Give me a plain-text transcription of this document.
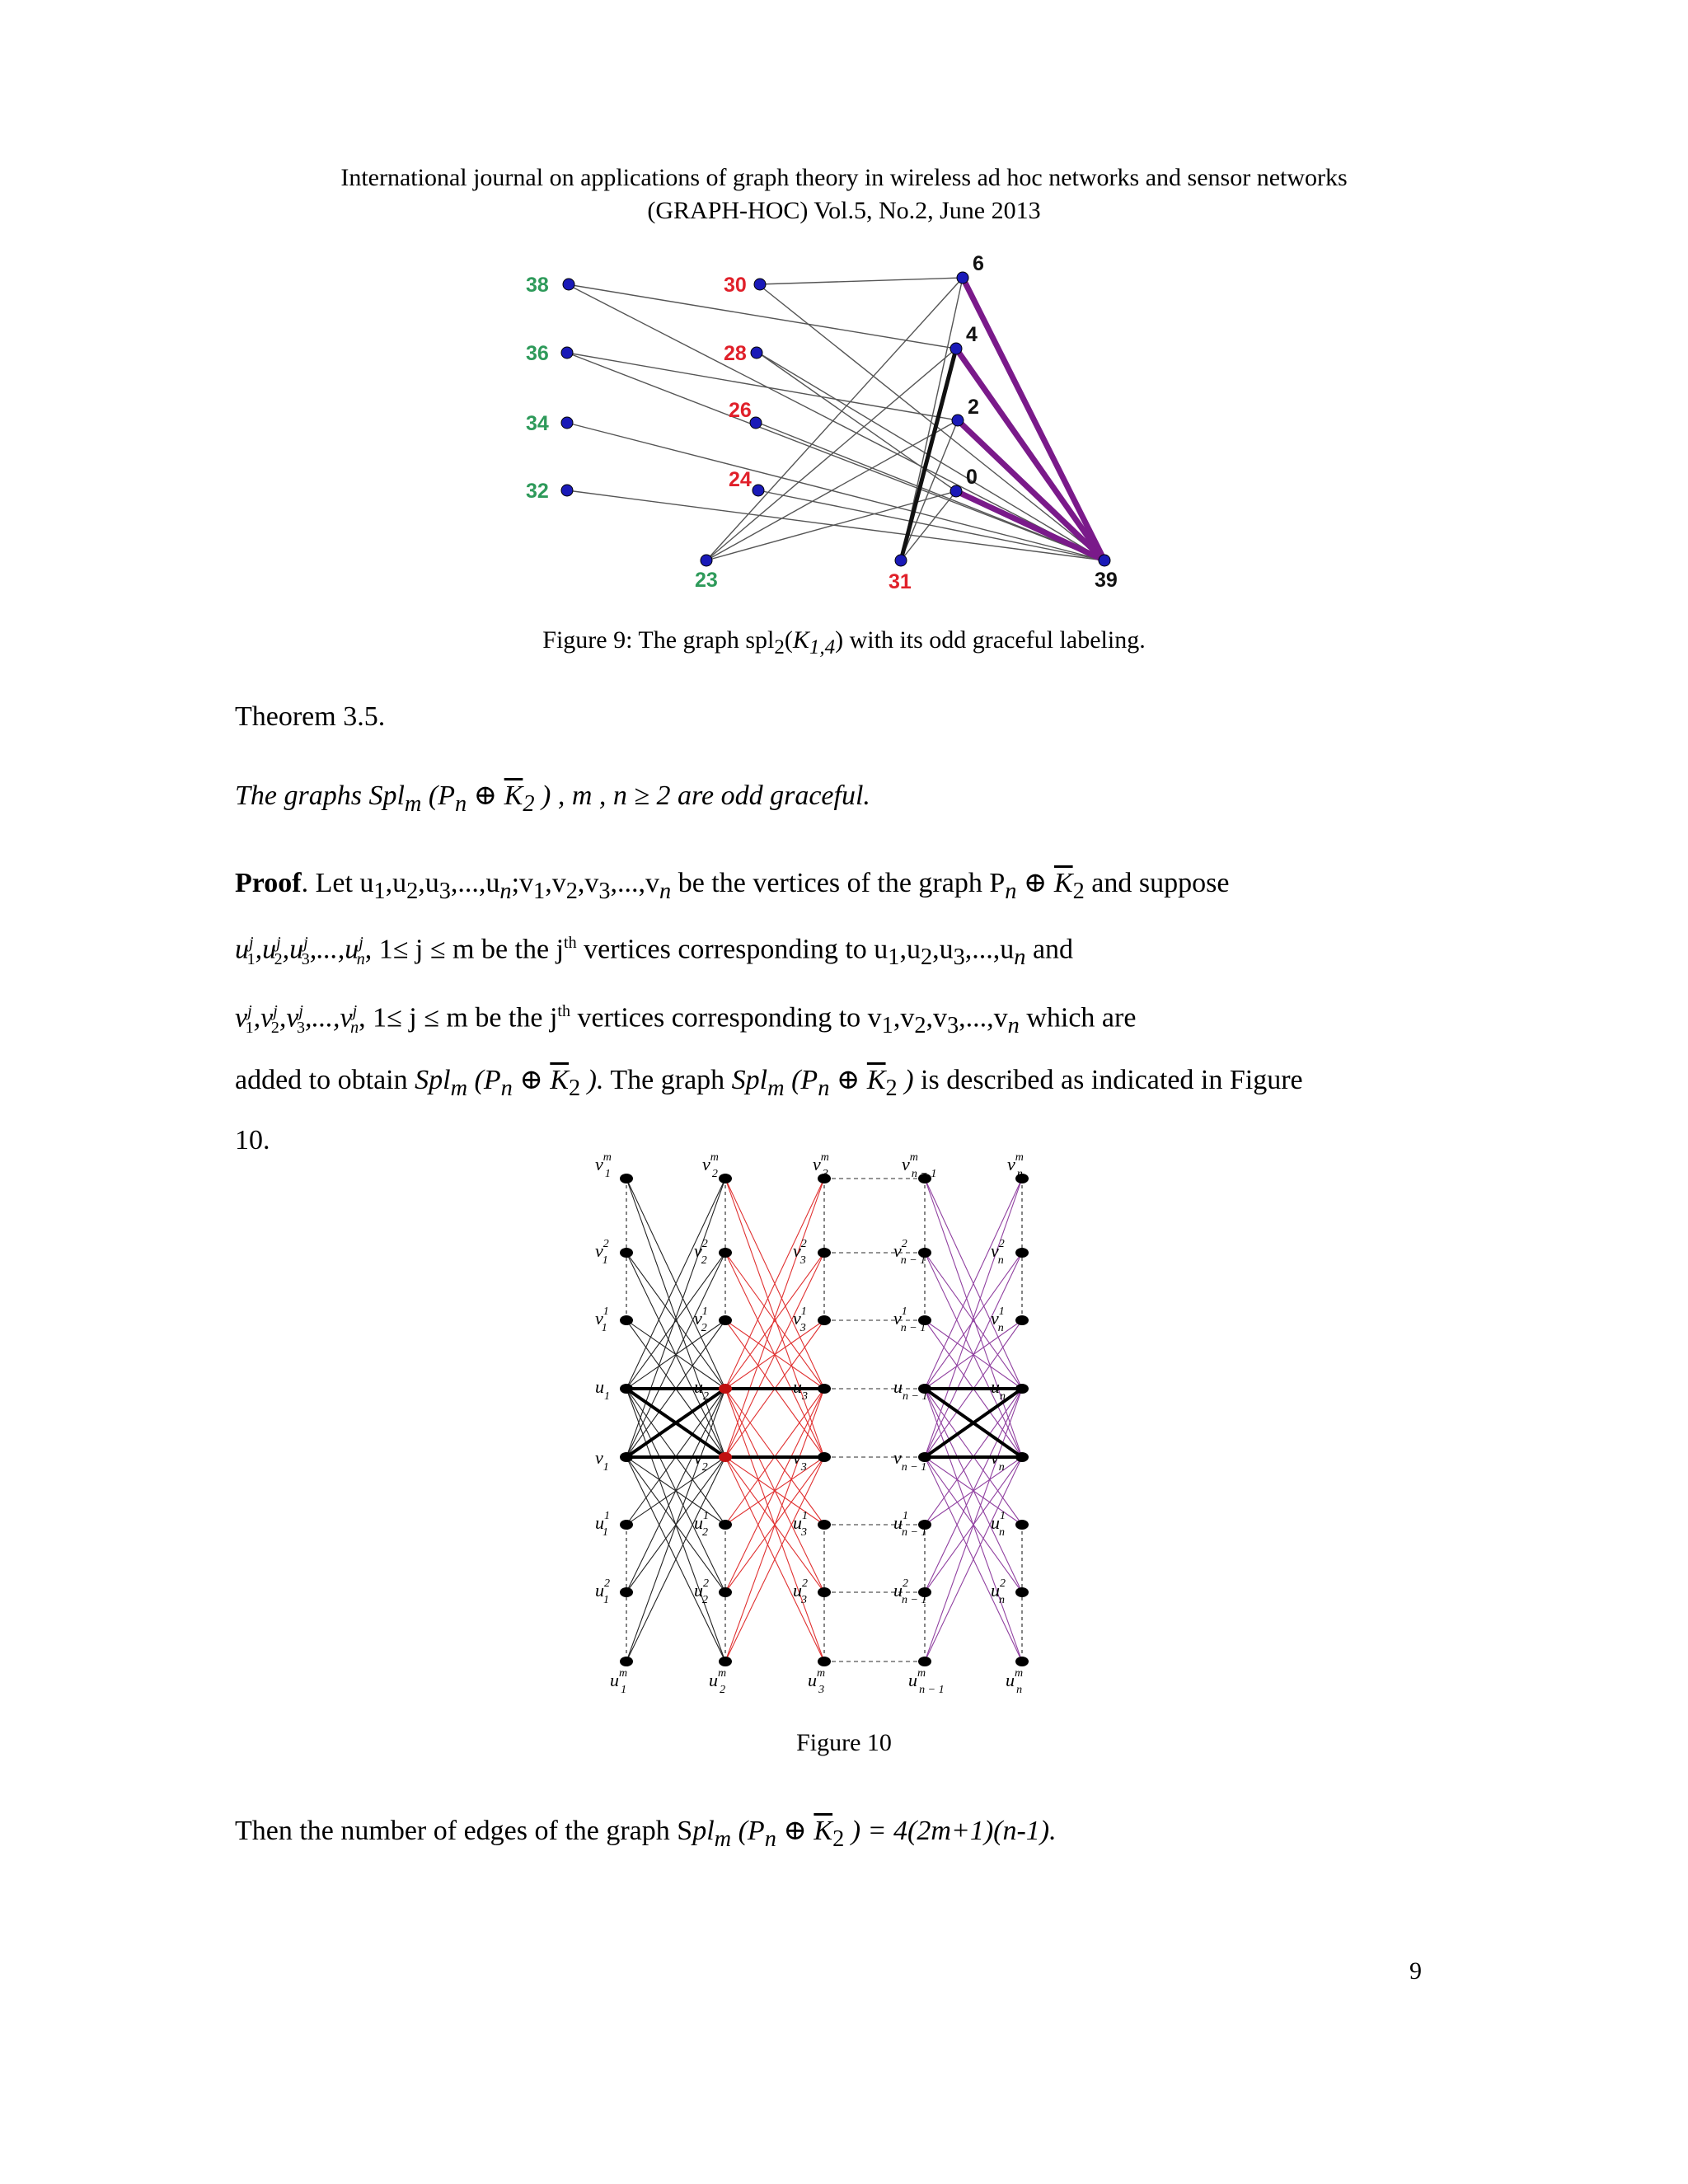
International journal on applications of graph theory in wireless ad hoc networks and sensor networks
(GRAPH-HOC) Vol.5, No.2, June 2013
38
36
34
32
30
28
26
24
6
4
2
0
23	31	39
Figure 9: The graph $spl_2(K_{1,4})$ with its odd graceful labeling.
Theorem 3.5.
The graphs Spl$_m$ ($P_n$ ⊕ $\overline{K}_2$ ) , m , n ≥ 2 are odd graceful.
Proof. Let $u_1,u_2,u_3,...,u_n;v_1,v_2,v_3,...,v_n$ be the vertices of the graph $P_n$ ⊕ $\overline{K}_2$ and suppose
$u^j_1,u^j_2,u^j_3,...,u^j_n$, 1≤ j ≤ m be the $j^{th}$ vertices corresponding to $u_1,u_2,u_3,...,u_n$ and
$v^j_1,v^j_2,v^j_3,...,v^j_n$, 1≤ j ≤ m be the $j^{th}$ vertices corresponding to $v_1,v_2,v_3,...,v_n$ which are
added to obtain Spl$_m$ ($P_n$ ⊕ $\overline{K}_2$ ). The graph Spl$_m$ ($P_n$ ⊕ $\overline{K}_2$ ) is described as indicated in Figure
10.
$v^m$ 1
$v^2$ 1
$v^1$ 1
$u_1$
$v_1$
$u^1$ 1
$u^2$ 1
$u^m$ 1
$v^m$ 2
$v^2$ 2
$v^1$ 2
$u_2$
$v_2$
$u^1$ 2
$u^2$ 2
$u^m$ 2
$v^m$ 3
$v^2$ 3
$v^1$ 3
$u_3$
$v_3$
$u^1$ 3
$u^2$ 3
$u^m$ 3
$v^m$ n − 1
$v^2$ n − 1
$v^1$ n − 1
$u_{n - 1}$
$v_{n - 1}$
$u^1$ n − 1
$u^2$ n − 1
$u^m$ n − 1
$v^m$ n
$v^2$ n
$v^1$ n
$u_n$
$v_n$
$u^1$ n
$u^2$ n
$u^m$ n
Figure 10
Then the number of edges of the graph Spl$_m$ ($P_n$ ⊕ $\overline{K}_2$ ) = 4(2m+1)(n-1).
9
